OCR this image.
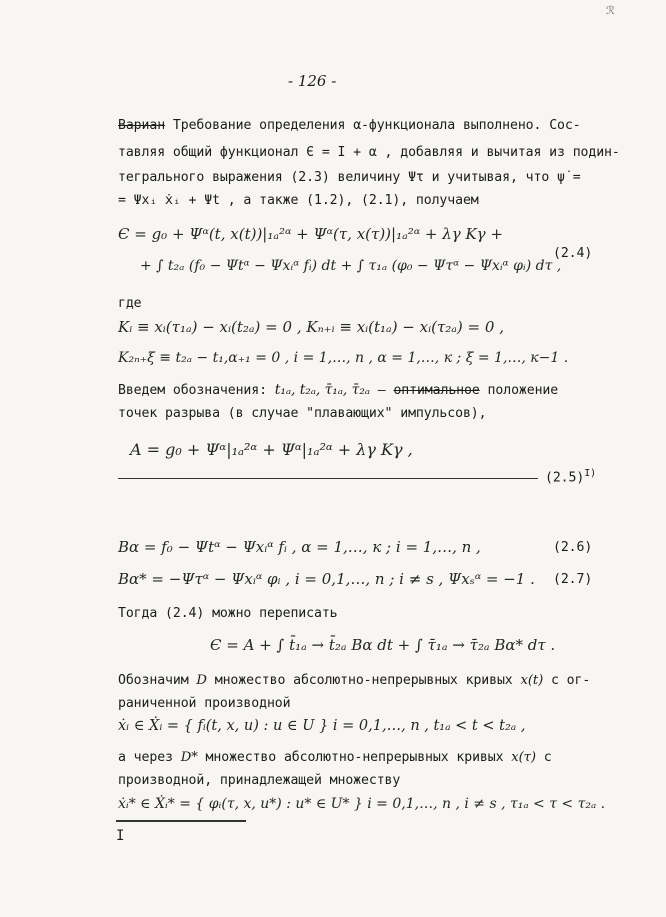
ℛ
- 126 -
Вариан Требование определения α-функционала выполнено. Сос-
тавляя общий функционал Є = I + α , добавляя и вычитая из подин-
тегрального выражения (2.3) величину Ψτ и учитывая, что ψ̇ =
= Ψxᵢ ẋᵢ + Ψt , а также (1.2), (2.1), получаем
Є = g₀ + Ψᵅ(t, x(t))|₁ₐ²ᵅ + Ψᵅ(τ, x(τ))|₁ₐ²ᵅ + λγ Kγ +
+ ∫ t₂ₐ (f₀ − Ψtᵅ − Ψxᵢᵅ fᵢ) dt + ∫ τ₁ₐ (φ₀ − Ψτᵅ − Ψxᵢᵅ φᵢ) dτ ,
(2.4)
где
Kᵢ ≡ xᵢ(τ₁ₐ) − xᵢ(t₂ₐ) = 0 , Kₙ₊ᵢ ≡ xᵢ(t₁ₐ) − xᵢ(τ₂ₐ) = 0 ,
K₂ₙ₊ξ ≡ t₂ₐ − t₁,α₊₁ = 0 , i = 1,…, n , α = 1,…, к ; ξ = 1,…, к−1 .
Введем обозначения: t₁ₐ, t₂ₐ, τ̄₁ₐ, τ̄₂ₐ – оптимальное положение
точек разрыва (в случае "плавающих" импульсов),
A = g₀ + Ψᵅ|₁ₐ²ᵅ + Ψᵅ|₁ₐ²ᵅ + λγ Kγ ,
$(2.5)^{I)}$
Bα = f₀ − Ψtᵅ − Ψxᵢᵅ fᵢ , α = 1,…, к ; i = 1,…, n ,	(2.6)
Bα* = −Ψτᵅ − Ψxᵢᵅ φᵢ , i = 0,1,…, n ; i ≠ s , Ψxₛᵅ = −1 . (2.7)
Тогда (2.4) можно переписать
Є = A + ∫ t̄₁ₐ → t̄₂ₐ Bα dt + ∫ τ̄₁ₐ → τ̄₂ₐ Bα* dτ .
Обозначим D множество абсолютно-непрерывных кривых x(t) с ог-
раниченной производной
ẋᵢ ∈ Ẋᵢ = { fᵢ(t, x, u) : u ∈ U } i = 0,1,…, n , t₁ₐ < t < t₂ₐ ,
а через D* множество абсолютно-непрерывных кривых x(τ) с
производной, принадлежащей множеству
ẋᵢ* ∈ Ẋᵢ* = { φᵢ(τ, x, u*) : u* ∈ U* } i = 0,1,…, n , i ≠ s , τ₁ₐ < τ < τ₂ₐ .
I
